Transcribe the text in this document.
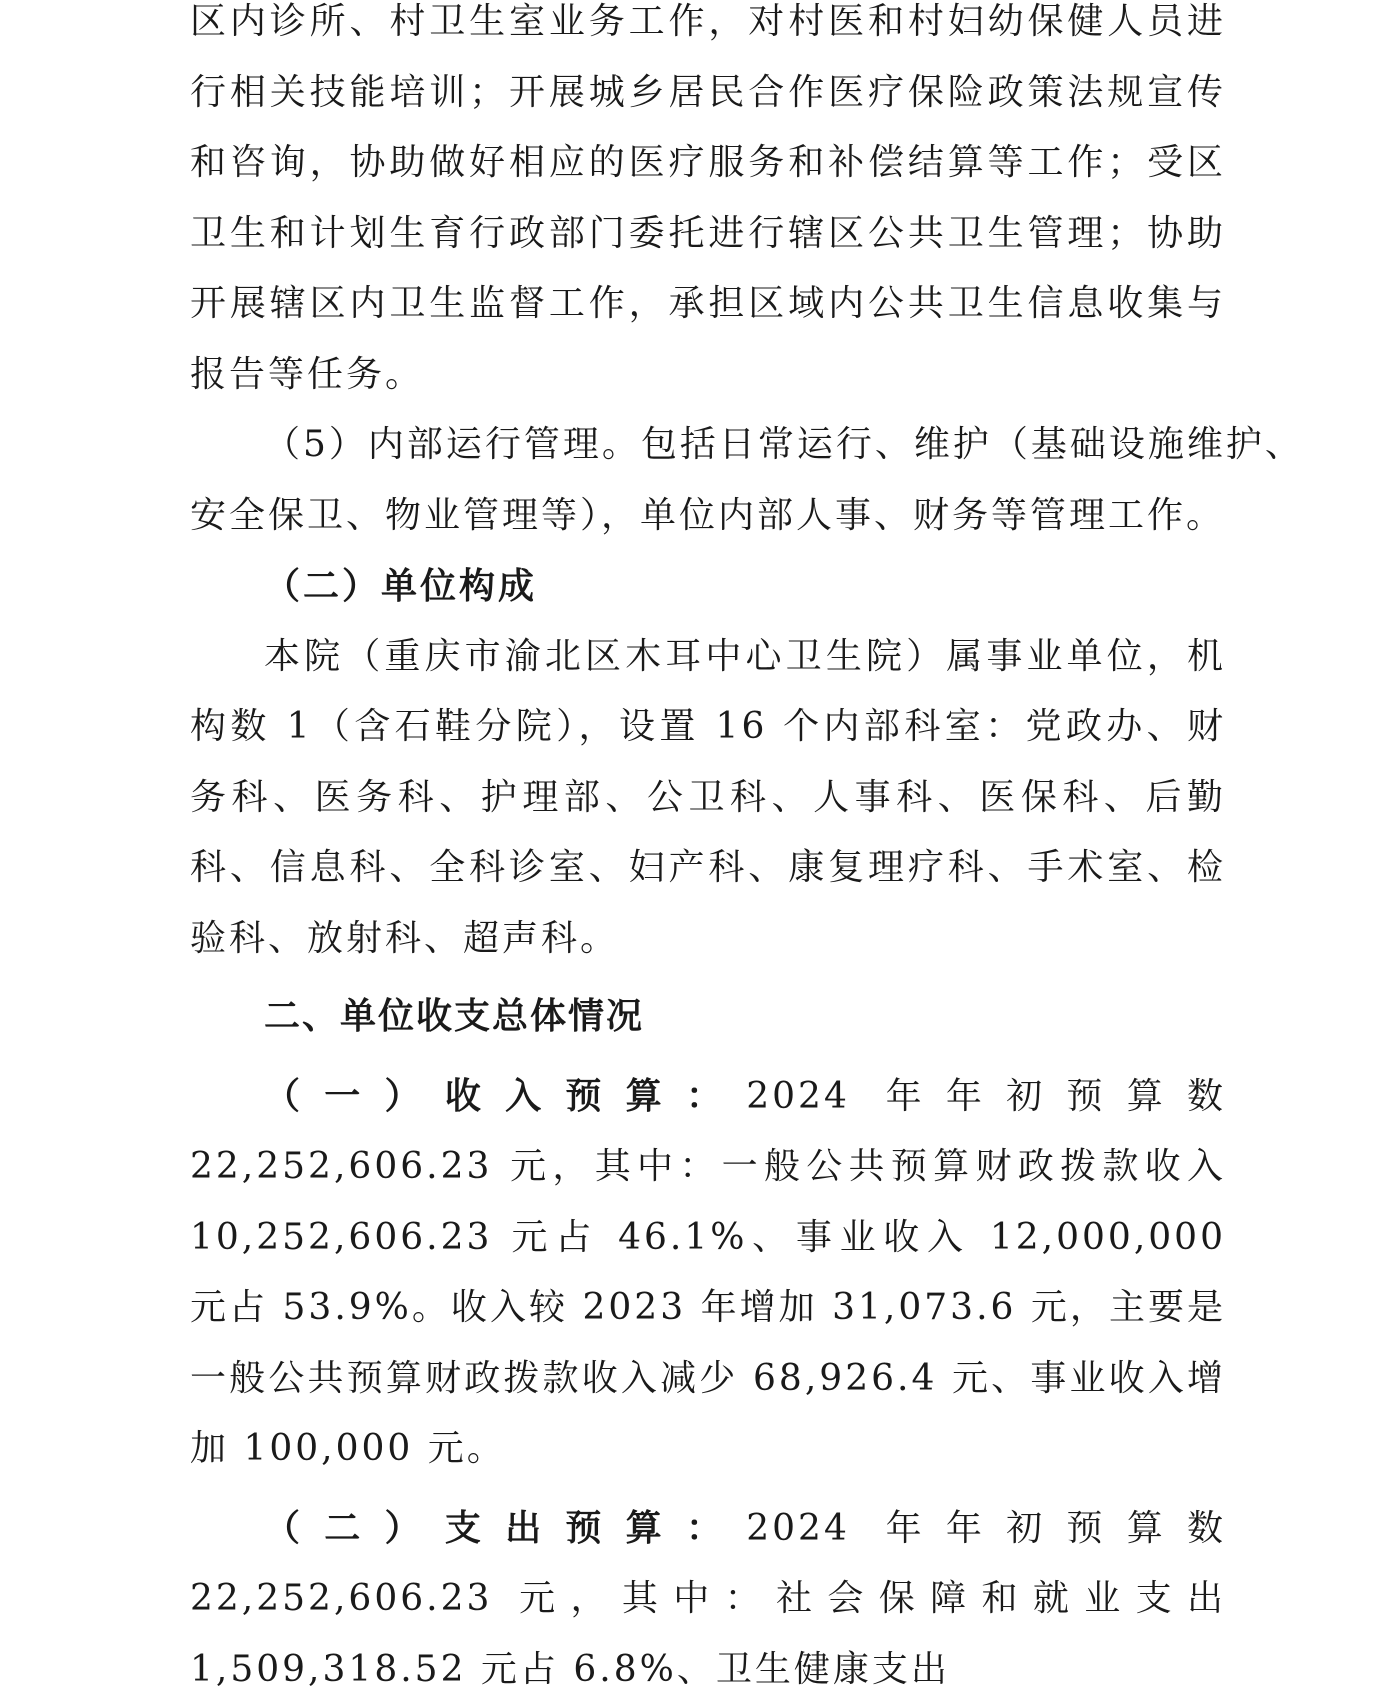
区内诊所、村卫生室业务工作，对村医和村妇幼保健人员进行相关技能培训；开展城乡居民合作医疗保险政策法规宣传和咨询，协助做好相应的医疗服务和补偿结算等工作；受区卫生和计划生育行政部门委托进行辖区公共卫生管理；协助开展辖区内卫生监督工作，承担区域内公共卫生信息收集与报告等任务。

（5）内部运行管理。包括日常运行、维护（基础设施维护、

安全保卫、物业管理等），单位内部人事、财务等管理工作。

（二）单位构成

本院（重庆市渝北区木耳中心卫生院）属事业单位，机构数 1（含石鞋分院），设置 16 个内部科室：党政办、财务科、医务科、护理部、公卫科、人事科、医保科、后勤科、信息科、全科诊室、妇产科、康复理疗科、手术室、检验科、放射科、超声科。

二、单位收支总体情况

（一）收入预算：2024 年年初预算数 22,252,606.23 元，其中：一般公共预算财政拨款收入 10,252,606.23 元占 46.1%、事业收入 12,000,000 元占 53.9%。收入较 2023 年增加 31,073.6 元，主要是一般公共预算财政拨款收入减少 68,926.4 元、事业收入增加 100,000 元。

（二）支出预算：2024 年年初预算数 22,252,606.23 元，其中：社会保障和就业支出 1,509,318.52 元占 6.8%、卫生健康支出
